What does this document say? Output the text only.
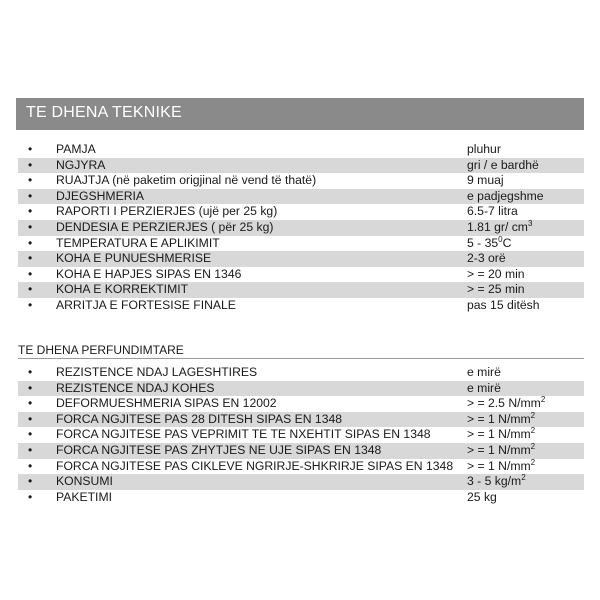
TE DHENA TEKNIKE
• PAMJA	pluhur
• NGJYRA	gri / e bardhë
• RUAJTJA (në paketim origjinal në vend të thatë)	9 muaj
• DJEGSHMERIA	e padjegshme
• RAPORTI I PERZIERJES (ujë per 25 kg)	6.5-7 litra
• DENDESIA E PERZIERJES ( për 25 kg)	1.81 gr/ $cm^3$
• TEMPERATURA E APLIKIMIT	$5 - 35^0C$
• KOHA E PUNUESHMERISE	2-3 orë
• KOHA E HAPJES SIPAS EN 1346	> = 20 min
• KOHA E KORREKTIMIT	> = 25 min
• ARRITJA E FORTESISE FINALE	pas 15 ditësh
TE DHENA PERFUNDIMTARE
• REZISTENCE NDAJ LAGESHTIRES	e mirë
• REZISTENCE NDAJ KOHES	e mirë
• DEFORMUESHMERIA SIPAS EN 12002	> = 2.5 $N/mm^2$
• FORCA NGJITESE PAS 28 DITESH SIPAS EN 1348	> = 1 $N/mm^2$
• FORCA NGJITESE PAS VEPRIMIT TE TE NXEHTIT SIPAS EN 1348	> = 1 $N/mm^2$
• FORCA NGJITESE PAS ZHYTJES NE UJE SIPAS EN 1348	> = 1 $N/mm^2$
• FORCA NGJITESE PAS CIKLEVE NGRIRJE-SHKRIRJE SIPAS EN 1348 > = 1 $N/mm^2$
• KONSUMI	3 - 5 $kg/m^2$
• PAKETIMI	25 kg
